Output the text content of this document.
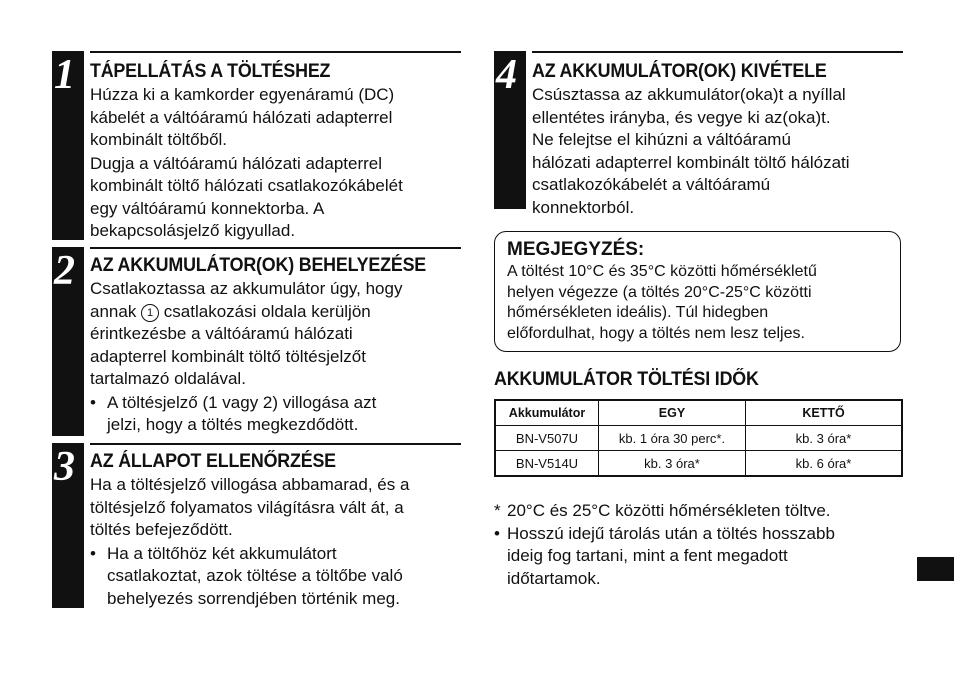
1 TÁPELLÁTÁS A TÖLTÉSHEZ

Húzza ki a kamkorder egyenáramú (DC)
kábelét a váltóáramú hálózati adapterrel
kombinált töltőből.

Dugja a váltóáramú hálózati adapterrel
kombinált töltő hálózati csatlakozókábelét
egy váltóáramú konnektorba. A
bekapcsolásjelző kigyullad.

2 AZ AKKUMULÁTOR(OK) BEHELYEZÉSE

Csatlakoztassa az akkumulátor úgy, hogy
annak 1 csatlakozási oldala kerüljön
érintkezésbe a váltóáramú hálózati
adapterrel kombinált töltő töltésjelzőt
tartalmazó oldalával.

• A töltésjelző (1 vagy 2) villogása azt
jelzi, hogy a töltés megkezdődött.

3 AZ ÁLLAPOT ELLENŐRZÉSE

Ha a töltésjelző villogása abbamarad, és a
töltésjelző folyamatos világításra vált át, a
töltés befejeződött.

• Ha a töltőhöz két akkumulátort
csatlakoztat, azok töltése a töltőbe való
behelyezés sorrendjében történik meg.

4 AZ AKKUMULÁTOR(OK) KIVÉTELE

Csúsztassa az akkumulátor(oka)t a nyíllal
ellentétes irányba, és vegye ki az(oka)t.
Ne felejtse el kihúzni a váltóáramú
hálózati adapterrel kombinált töltő hálózati
csatlakozókábelét a váltóáramú
konnektorból.

MEGJEGYZÉS:
A töltést 10°C és 35°C közötti hőmérsékletű
helyen végezze (a töltés 20°C-25°C közötti
hőmérsékleten ideális). Túl hidegben
előfordulhat, hogy a töltés nem lesz teljes.
AKKUMULÁTOR TÖLTÉSI IDŐK
Akkumulátor	EGY	KETTŐ
BN-V507U	kb. 1 óra 30 perc*.	kb. 3 óra*
BN-V514U	kb. 3 óra*	kb. 6 óra*
* 20°C és 25°C közötti hőmérsékleten töltve.
• Hosszú idejű tárolás után a töltés hosszabb
ideig fog tartani, mint a fent megadott
időtartamok.
